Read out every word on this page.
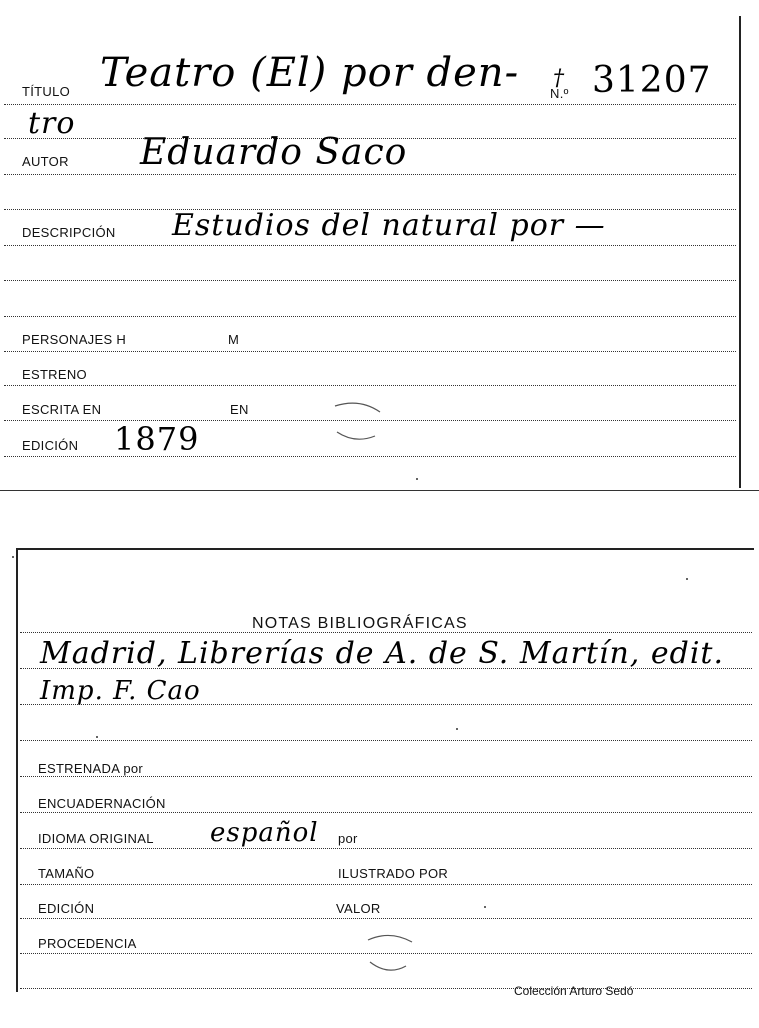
TÍTULO Teatro (El) por den- †
N.º 31207
tro
AUTOR Eduardo Saco
DESCRIPCIÓN Estudios del natural por —
PERSONAJES H	M
ESTRENO
ESCRITA EN	EN
EDICIÓN 1879
NOTAS BIBLIOGRÁFICAS
Madrid, Librerías de A. de S. Martín, edit.
Imp. F. Cao
ESTRENADA por
ENCUADERNACIÓN
IDIOMA ORIGINAL español por
TAMAÑO	ILUSTRADO POR
EDICIÓN	VALOR
PROCEDENCIA
Colección Arturo Sedó
